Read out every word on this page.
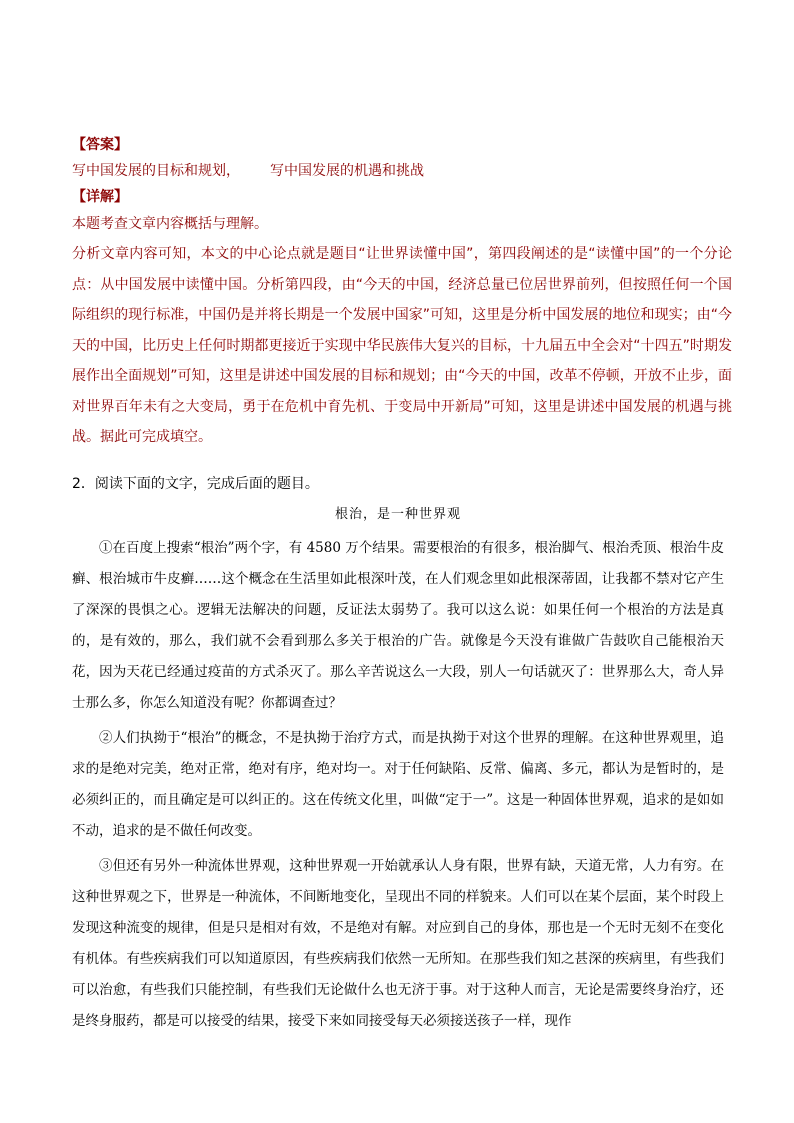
【答案】
写中国发展的目标和规划， 写中国发展的机遇和挑战
【详解】
本题考查文章内容概括与理解。
分析文章内容可知，本文的中心论点就是题目“让世界读懂中国”，第四段阐述的是“读懂中国”的一个分论点：从中国发展中读懂中国。分析第四段，由“今天的中国，经济总量已位居世界前列，但按照任何一个国际组织的现行标准，中国仍是并将长期是一个发展中国家”可知，这里是分析中国发展的地位和现实；由“今天的中国，比历史上任何时期都更接近于实现中华民族伟大复兴的目标，十九届五中全会对“十四五”时期发展作出全面规划”可知，这里是讲述中国发展的目标和规划；由“今天的中国，改革不停顿，开放不止步，面对世界百年未有之大变局，勇于在危机中育先机、于变局中开新局”可知，这里是讲述中国发展的机遇与挑战。据此可完成填空。
2．阅读下面的文字，完成后面的题目。
根治，是一种世界观

①在百度上搜索“根治”两个字，有 4580 万个结果。需要根治的有很多，根治脚气、根治秃顶、根治牛皮癣、根治城市牛皮癣……这个概念在生活里如此根深叶茂，在人们观念里如此根深蒂固，让我都不禁对它产生了深深的畏惧之心。逻辑无法解决的问题，反证法太弱势了。我可以这么说：如果任何一个根治的方法是真的，是有效的，那么，我们就不会看到那么多关于根治的广告。就像是今天没有谁做广告鼓吹自己能根治天花，因为天花已经通过疫苗的方式杀灭了。那么辛苦说这么一大段，别人一句话就灭了：世界那么大，奇人异士那么多，你怎么知道没有呢？你都调查过？

②人们执拗于“根治”的概念，不是执拗于治疗方式，而是执拗于对这个世界的理解。在这种世界观里，追求的是绝对完美，绝对正常，绝对有序，绝对均一。对于任何缺陷、反常、偏离、多元，都认为是暂时的，是必须纠正的，而且确定是可以纠正的。这在传统文化里，叫做“定于一”。这是一种固体世界观，追求的是如如不动，追求的是不做任何改变。

③但还有另外一种流体世界观，这种世界观一开始就承认人身有限，世界有缺，天道无常，人力有穷。在这种世界观之下，世界是一种流体，不间断地变化，呈现出不同的样貌来。人们可以在某个层面，某个时段上发现这种流变的规律，但是只是相对有效，不是绝对有解。对应到自己的身体，那也是一个无时无刻不在变化有机体。有些疾病我们可以知道原因，有些疾病我们依然一无所知。在那些我们知之甚深的疾病里，有些我们可以治愈，有些我们只能控制，有些我们无论做什么也无济于事。对于这种人而言，无论是需要终身治疗，还是终身服药，都是可以接受的结果，接受下来如同接受每天必须接送孩子一样，现作
